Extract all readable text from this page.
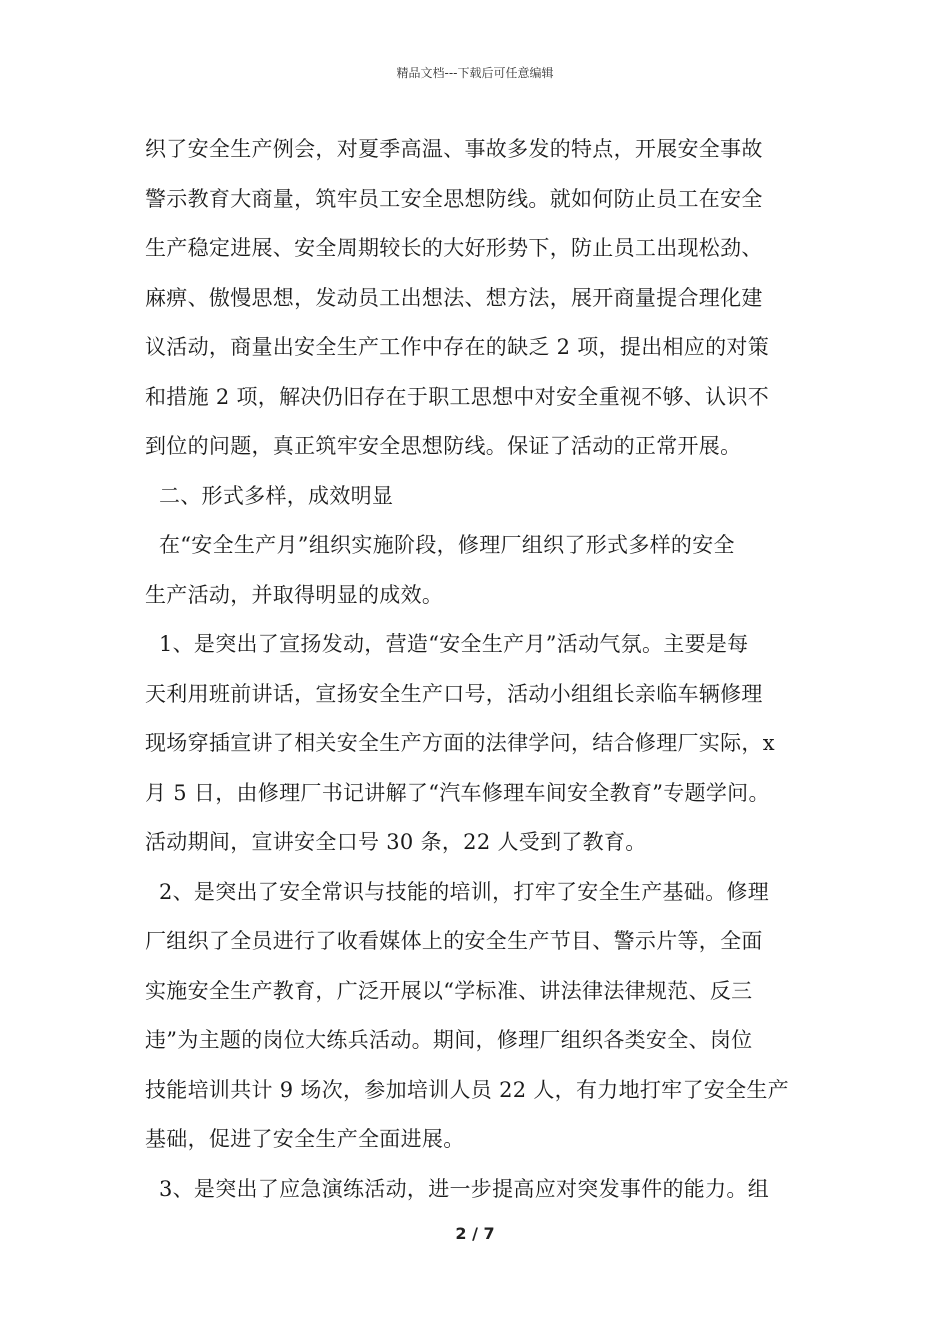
精品文档---下载后可任意编辑
织了安全生产例会，对夏季高温、事故多发的特点，开展安全事故
警示教育大商量，筑牢员工安全思想防线。就如何防止员工在安全
生产稳定进展、安全周期较长的大好形势下，防止员工出现松劲、
麻痹、傲慢思想，发动员工出想法、想方法，展开商量提合理化建
议活动，商量出安全生产工作中存在的缺乏 2 项，提出相应的对策
和措施 2 项，解决仍旧存在于职工思想中对安全重视不够、认识不
到位的问题，真正筑牢安全思想防线。保证了活动的正常开展。
二、形式多样，成效明显
在“安全生产月”组织实施阶段，修理厂组织了形式多样的安全
生产活动，并取得明显的成效。
1、是突出了宣扬发动，营造“安全生产月”活动气氛。主要是每
天利用班前讲话，宣扬安全生产口号，活动小组组长亲临车辆修理
现场穿插宣讲了相关安全生产方面的法律学问，结合修理厂实际，x
月 5 日，由修理厂书记讲解了“汽车修理车间安全教育”专题学问。
活动期间，宣讲安全口号 30 条，22 人受到了教育。
2、是突出了安全常识与技能的培训，打牢了安全生产基础。修理
厂组织了全员进行了收看媒体上的安全生产节目、警示片等，全面
实施安全生产教育，广泛开展以“学标准、讲法律法律规范、反三
违”为主题的岗位大练兵活动。期间，修理厂组织各类安全、岗位
技能培训共计 9 场次，参加培训人员 22 人，有力地打牢了安全生产
基础，促进了安全生产全面进展。
3、是突出了应急演练活动，进一步提高应对突发事件的能力。组
2 / 7
